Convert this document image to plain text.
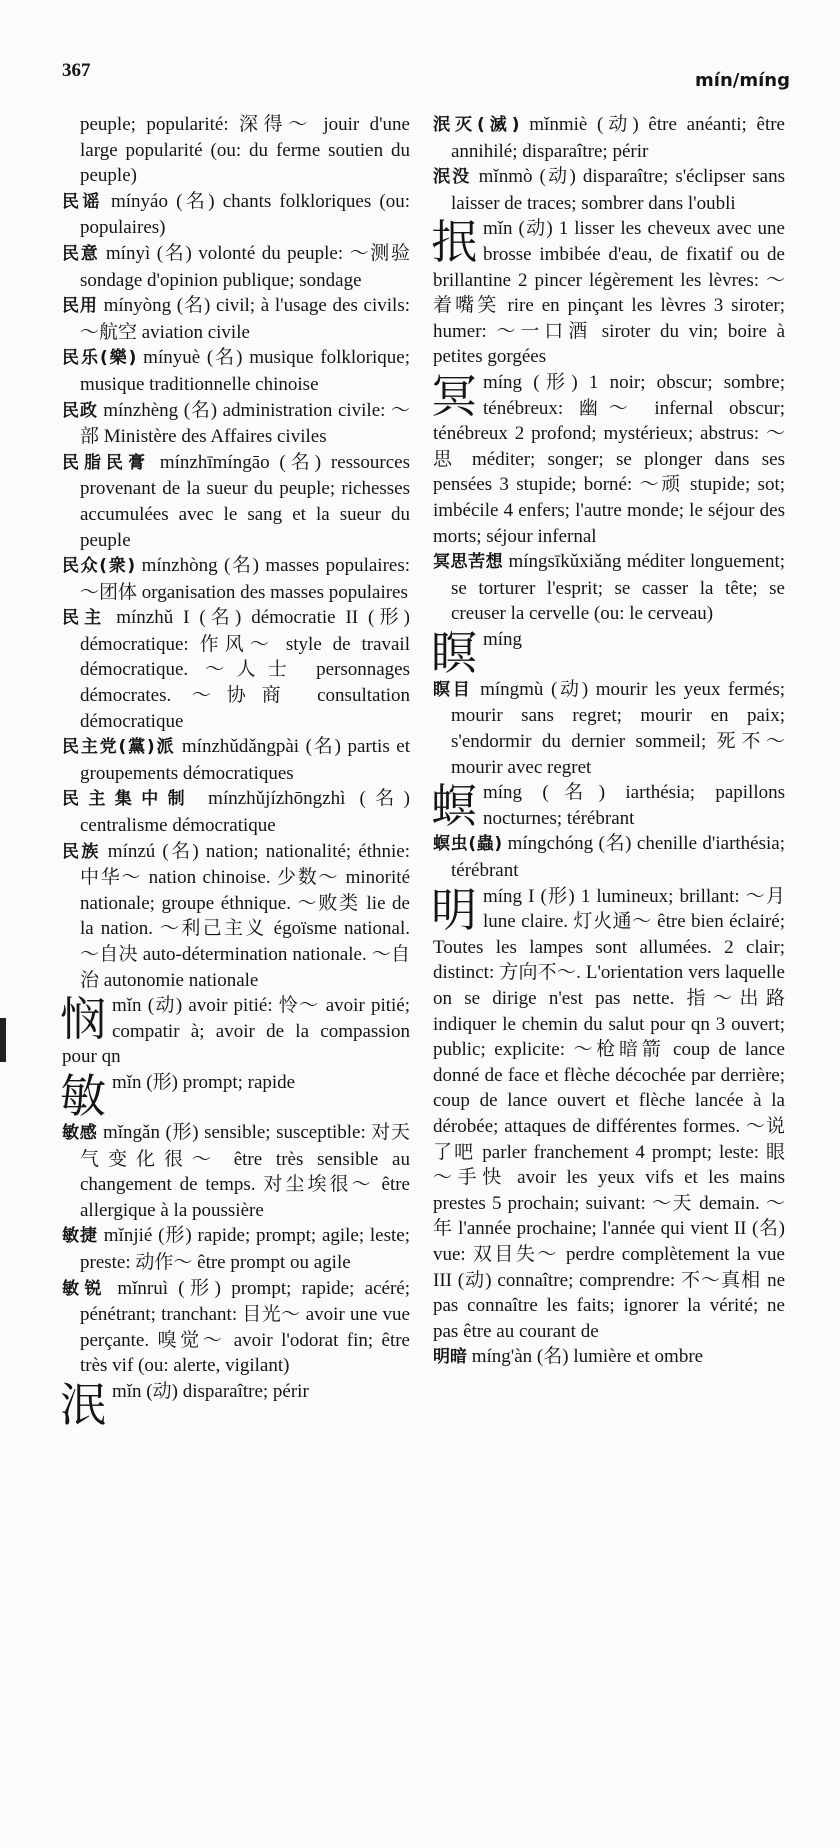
367	mín/míng

peuple; popularité: 深得～ jouir d'une large popularité (ou: du ferme soutien du peuple)

民谣 mínyáo (名) chants folkloriques (ou: populaires)

民意 mínyì (名) volonté du peuple: ～测验 sondage d'opinion publique; sondage

民用 mínyòng (名) civil; à l'usage des civils: ～航空 aviation civile

民乐(樂) mínyuè (名) musique folklorique; musique traditionnelle chinoise

民政 mínzhèng (名) administration civile: ～部 Ministère des Affaires civiles

民脂民膏 mínzhīmíngāo (名) ressources provenant de la sueur du peuple; richesses accumulées avec le sang et la sueur du peuple

民众(衆) mínzhòng (名) masses populaires: ～团体 organisation des masses populaires

民主 mínzhǔ I (名) démocratie II (形) démocratique: 作风～ style de travail démocratique. ～人士 personnages démocrates. ～协商 consultation démocratique

民主党(黨)派 mínzhǔdǎngpài (名) partis et groupements démocratiques

民主集中制 mínzhǔjízhōngzhì (名) centralisme démocratique

民族 mínzú (名) nation; nationalité; éthnie: 中华～ nation chinoise. 少数～ minorité nationale; groupe éthnique. ～败类 lie de la nation. ～利己主义 égoïsme national. ～自决 auto-détermination nationale. ～自治 autonomie nationale

悯 mǐn (动) avoir pitié: 怜～ avoir pitié; compatir à; avoir de la compassion pour qn
敏 mǐn (形) prompt; rapide

敏感 mǐngǎn (形) sensible; susceptible: 对天气变化很～ être très sensible au changement de temps. 对尘埃很～ être allergique à la poussière

敏捷 mǐnjié (形) rapide; prompt; agile; leste; preste: 动作～ être prompt ou agile

敏锐 mǐnruì (形) prompt; rapide; acéré; pénétrant; tranchant: 目光～ avoir une vue perçante. 嗅觉～ avoir l'odorat fin; être très vif (ou: alerte, vigilant)

泯 mǐn (动) disparaître; périr

泯灭(滅) mǐnmiè (动) être anéanti; être annihilé; disparaître; périr

泯没 mǐnmò (动) disparaître; s'éclipser sans laisser de traces; sombrer dans l'oubli

抿 mǐn (动) 1 lisser les cheveux avec une brosse imbibée d'eau, de fixatif ou de brillantine 2 pincer légèrement les lèvres: ～着嘴笑 rire en pinçant les lèvres 3 siroter; humer: ～一口酒 siroter du vin; boire à petites gorgées
冥 míng (形) 1 noir; obscur; sombre; ténébreux: 幽～ infernal obscur; ténébreux 2 profond; mystérieux; abstrus: ～思 méditer; songer; se plonger dans ses pensées 3 stupide; borné: ～顽 stupide; sot; imbécile 4 enfers; l'autre monde; le séjour des morts; séjour infernal

冥思苦想 míngsīkǔxiǎng méditer longuement; se torturer l'esprit; se casser la tête; se creuser la cervelle (ou: le cerveau)

瞑 míng

瞑目 míngmù (动) mourir les yeux fermés; mourir sans regret; mourir en paix; s'endormir du dernier sommeil; 死不～ mourir avec regret

螟 míng (名) iarthésia; papillons nocturnes; térébrant

螟虫(蟲) míngchóng (名) chenille d'iarthésia; térébrant

明 míng I (形) 1 lumineux; brillant: ～月 lune claire. 灯火通～ être bien éclairé; Toutes les lampes sont allumées. 2 clair; distinct: 方向不～. L'orientation vers laquelle on se dirige n'est pas nette. 指～出路 indiquer le chemin du salut pour qn 3 ouvert; public; explicite: ～枪暗箭 coup de lance donné de face et flèche décochée par derrière; coup de lance ouvert et flèche lancée à la dérobée; attaques de différentes formes. ～说了吧 parler franchement 4 prompt; leste: 眼～手快 avoir les yeux vifs et les mains prestes 5 prochain; suivant: ～天 demain. ～年 l'année prochaine; l'année qui vient II (名) vue: 双目失～ perdre complètement la vue III (动) connaître; comprendre: 不～真相 ne pas connaître les faits; ignorer la vérité; ne pas être au courant de

明暗 míng'àn (名) lumière et ombre
